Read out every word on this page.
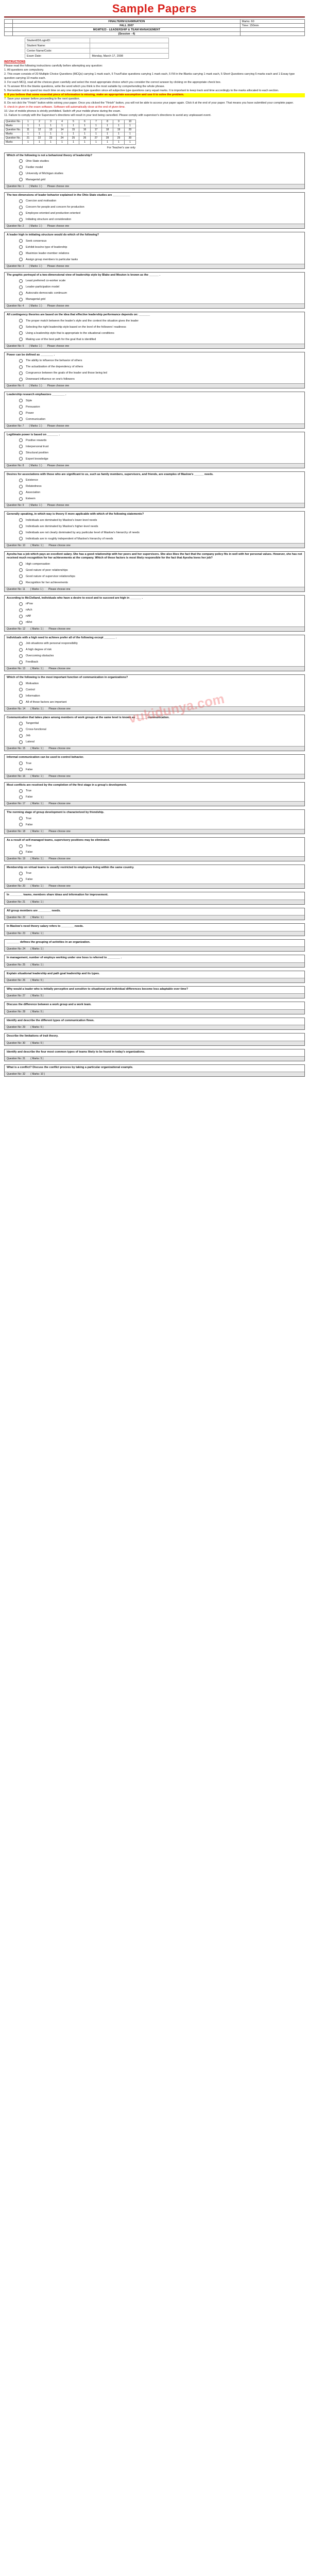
Sample Papers
	FINALTERM EXAMINATION	Marks: 60
	FALL 2007	Time: 150min
	MGMT623 - LEADERSHIP & TEAM MANAGEMENT	
	(Session - 4)	
StudentID/LoginID:	
Student Name:	
Center Name/Code:	
Exam Date:	Monday, March 17, 2008
INSTRUCTIONS

Please read the following instructions carefully before attempting any question:

1. All questions are compulsory.

2. This exam consists of 20 Multiple Choice Questions (MCQs) carrying 1 mark each, 5 True/False questions carrying 1 mark each, 5 Fill in the Blanks carrying 1 mark each, 5 Short Questions carrying 5 marks each and 1 Essay type question carrying 10 marks each.

3. For each MCQ, read all the choices given carefully and select the most appropriate choice which you consider the correct answer by clicking on the appropriate check box.

4. To answer fill in the blanks questions, write the word which you think is the most suitable by comprehending the whole phrase.

5. Remember not to spend too much time on any one objective type question since all subjective type questions carry equal marks. It is important to keep track and time accordingly to the marks allocated to each section.

6. If you believe that some essential piece of information is missing, make an appropriate assumption and use it to solve the problem.

7. Save your answer before proceeding to the next question.

8. Do not click the "Finish" button while solving your paper. Once you clicked the "Finish" button, you will not be able to access your paper again. Click it at the end of your paper. That means you have submitted your complete paper.

9. check in given in the exam software. Software will automatically close at the end of given time.

10. Use of mobile phones is strictly prohibited. Switch off your mobile phone during the exam.

11. Failure to comply with the Supervisor's directions will result in your test being cancelled. Please comply with supervisor's directions to avoid any unpleasant event.

Question No.	1	2	3	4	5	6	7	8	9	10
Marks	1	1	1	1	1	1	1	1	1	1
Question No.	11	12	13	14	15	16	17	18	19	20
Marks	1	1	1	1	1	1	1	1	1	1
Question No.	21	22	23	24	25	26	27	28	29	30
Marks	1	1	1	1	1	1	1	1	1	1
For Teacher's use only
Which of the following is not a behavioral theory of leadership?
Ohio State studies
Fiedler model
University of Michigan studies
Managerial grid
Question No: 1 ( Marks: 1 ) Please choose one
The two dimensions of leader behavior explained in the Ohio State studies are ___________
Coercion and motivation
Concern for people and concern for production
Employee-oriented and production-oriented
Initiating structure and consideration
Question No: 2 ( Marks: 1 ) Please choose one
A leader high in initiating structure would do which of the following?
Seek consensus
Exhibit less/no type of leadership
Maximize leader-member relations
Assign group members to particular tasks
Question No: 3 ( Marks: 1 ) Please choose one
The graphic portrayal of a two-dimensional view of leadership style by Blake and Mouton is known as the ______ .
Least preferred co-worker scale
Leader-participation model
Autocratic-democratic continuum
Managerial grid
Question No: 4 ( Marks: 1 ) Please choose one
All contingency theories are based on the idea that effective leadership performance depends on: _______
The proper match between the leader's style and the context the situation gives the leader
Selecting the right leadership style based on the level of the followers' readiness
Using a leadership style that is appropriate to the situational conditions
Making use of the best path for the goal that is identified
Question No: 5 ( Marks: 1 ) Please choose one
Power can be defined as ________ .
The ability to influence the behavior of others
The actualization of the dependency of others
Congruence between the goals of the leader and those being led
Downward influence on one's followers
Question No: 6 ( Marks: 1 ) Please choose one
Leadership research emphasizes ________ .
Style
Persuasion
Power
Communication
Question No: 7 ( Marks: 1 ) Please choose one
Legitimate power is based on _______ .
Positive rewards
Interpersonal trust
Structural position
Expert knowledge
Question No: 8 ( Marks: 1 ) Please choose one
Desires for associations with those who are significant to us, such as family members, supervisors, and friends, are examples of Maslow's ______ needs.
Existence
Relatedness
Association
Esteem
Question No: 9 ( Marks: 1 ) Please choose one
Generally speaking, in which way is theory X more applicable with which of the following statements?
Individuals are dominated by Maslow's lower-level needs
Individuals are dominated by Maslow's higher-level needs
Individuals are not clearly dominated by any particular level of Maslow's hierarchy of needs
Individuals are in roughly independent of Maslow's hierarchy of needs
Question No: 10 ( Marks: 1 ) Please choose one
Ayesha has a job which pays an excellent salary. She has a good relationship with her peers and her supervisors. She also likes the fact that the company policy fits in well with her personal values. However, she has not received much recognition for her achievements at the company. Which of these factors is most likely responsible for the fact that Ayesha loves her job?
High compensation
Good nature of peer relationships
Good nature of supervisor relationships
Recognition for her achievements
Question No: 11 ( Marks: 1 ) Please choose one
According to McClelland, individuals who have a desire to excel and to succeed are high in _______ .
nPow
nAch
nAff
nMot
Question No: 12 ( Marks: 1 ) Please choose one
Individuals with a high need to achieve prefer all of the following except _______ .
Job situations with personal responsibility
A high degree of risk
Overcoming obstacles
Feedback
Question No: 13 ( Marks: 1 ) Please choose one
Which of the following is the most important function of communication in organizations?
Motivation
Control
Information
All of these factors are important
Question No: 14 ( Marks: 1 ) Please choose one
Communication that takes place among members of work groups at the same level is known as _______ communication.
Tangential
Cross-functional
Job
Lateral
Question No: 15 ( Marks: 1 ) Please choose one
Informal communication can be used to control behavior.
True
False
Question No: 16 ( Marks: 1 ) Please choose one
Most conflicts are resolved by the completion of the first stage in a group's development.
True
False
Question No: 17 ( Marks: 1 ) Please choose one
The norming stage of group development is characterized by friendship.
True
False
Question No: 18 ( Marks: 1 ) Please choose one
As a result of self-managed teams, supervisory positions may be eliminated.
True
False
Question No: 19 ( Marks: 1 ) Please choose one
Membership on virtual teams is usually restricted to employees living within the same country.
True
False
Question No: 20 ( Marks: 1 ) Please choose one
In ________ teams, members share ideas and information for improvement.
Question No: 21 ( Marks: 1 )
All group members are ________ needs.
Question No: 22 ( Marks: 1 )
In Maslow's need theory salary refers to ________ needs.
Question No: 23 ( Marks: 1 )
________ defines the grouping of activities in an organization.
Question No: 24 ( Marks: 1 )
In management, number of employs working under one boss is referred to ________ .
Question No: 25 ( Marks: 1 )
Explain situational leadership and path goal leadership and its types.
Question No: 26 ( Marks: 5 )
Why would a leader who is initially perceptive and sensitive to situational and individual differences become less adaptable over time?
Question No: 27 ( Marks: 5 )
Discuss the difference between a work group and a work team.
Question No: 28 ( Marks: 5 )
Identify and describe the different types of communication flows.
Question No: 29 ( Marks: 5 )
Describe the limitations of trait theory.
Question No: 30 ( Marks: 5 )
Identify and describe the four most common types of teams likely to be found in today's organizations.
Question No: 31 ( Marks: 5 )
What is a conflict? Discuss the conflict process by taking a particular organizational example.
Question No: 32 ( Marks: 10 )
vukidunya.com
